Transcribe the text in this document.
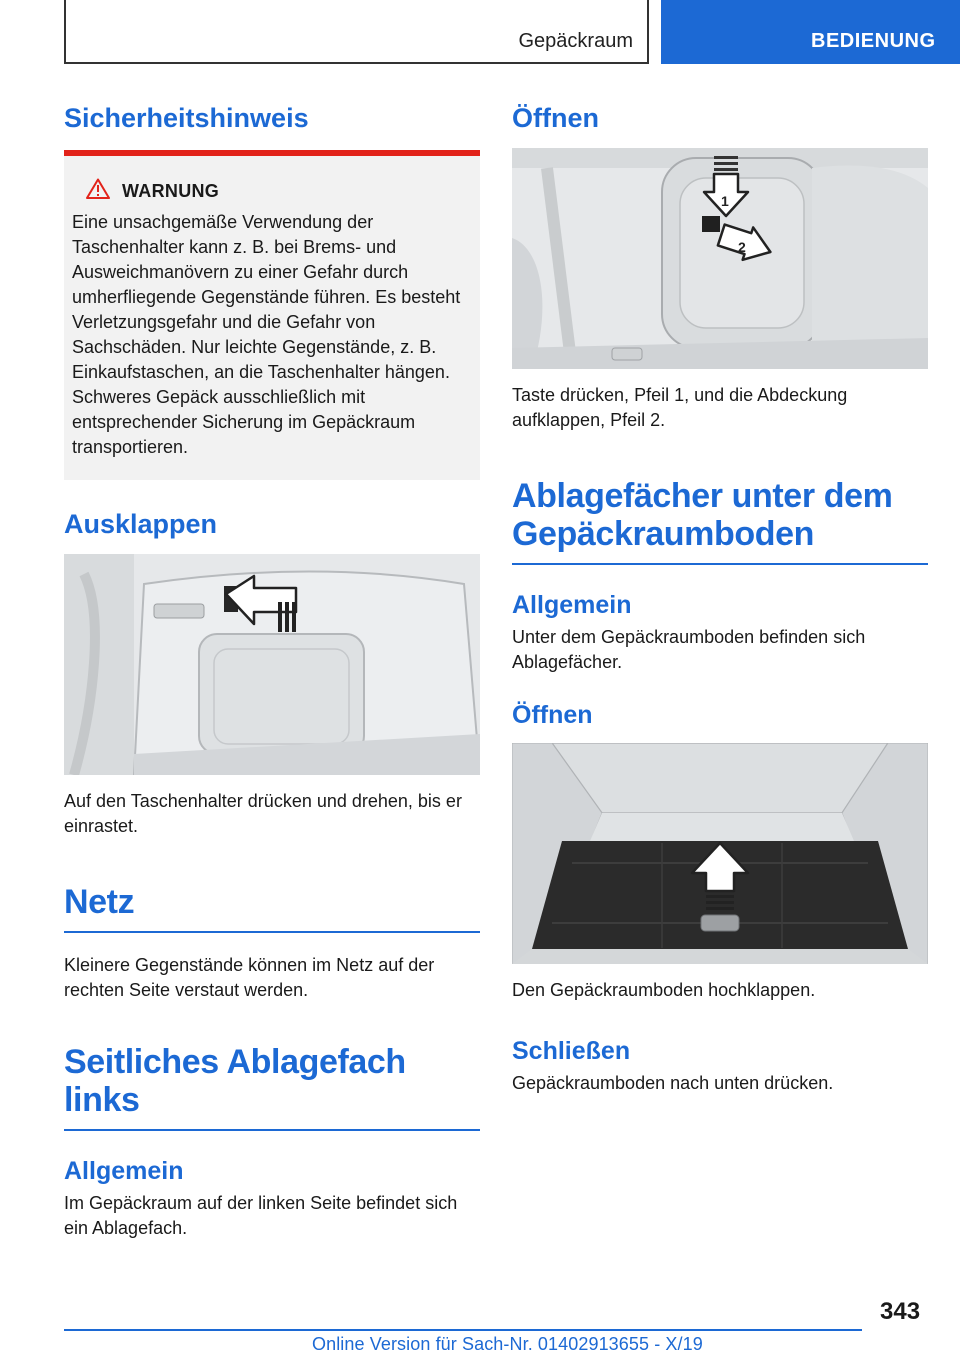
Gepäckraum	BEDIENUNG
Sicherheitshinweis
WARNUNG

Eine unsachgemäße Verwendung der Taschenhalter kann z. B. bei Brems- und Ausweichmanövern zu einer Gefahr durch umherfliegende Gegenstände führen. Es besteht Verletzungsgefahr und die Gefahr von Sachschäden. Nur leichte Gegenstände, z. B. Einkaufstaschen, an die Taschenhalter hängen. Schweres Gepäck ausschließlich mit entsprechender Sicherung im Gepäckraum transportieren.

Ausklappen

Auf den Taschenhalter drücken und drehen, bis er einrastet.

Netz

Kleinere Gegenstände können im Netz auf der rechten Seite verstaut werden.

Seitliches Ablagefach links
Allgemein

Im Gepäckraum auf der linken Seite befindet sich ein Ablagefach.

Öffnen
1
2

Taste drücken, Pfeil 1, und die Abdeckung aufklappen, Pfeil 2.

Ablagefächer unter dem Gepäckraumboden
Allgemein

Unter dem Gepäckraumboden befinden sich Ablagefächer.

Öffnen

Den Gepäckraumboden hochklappen.

Schließen

Gepäckraumboden nach unten drücken.

343
Online Version für Sach-Nr. 01402913655 - X/19
